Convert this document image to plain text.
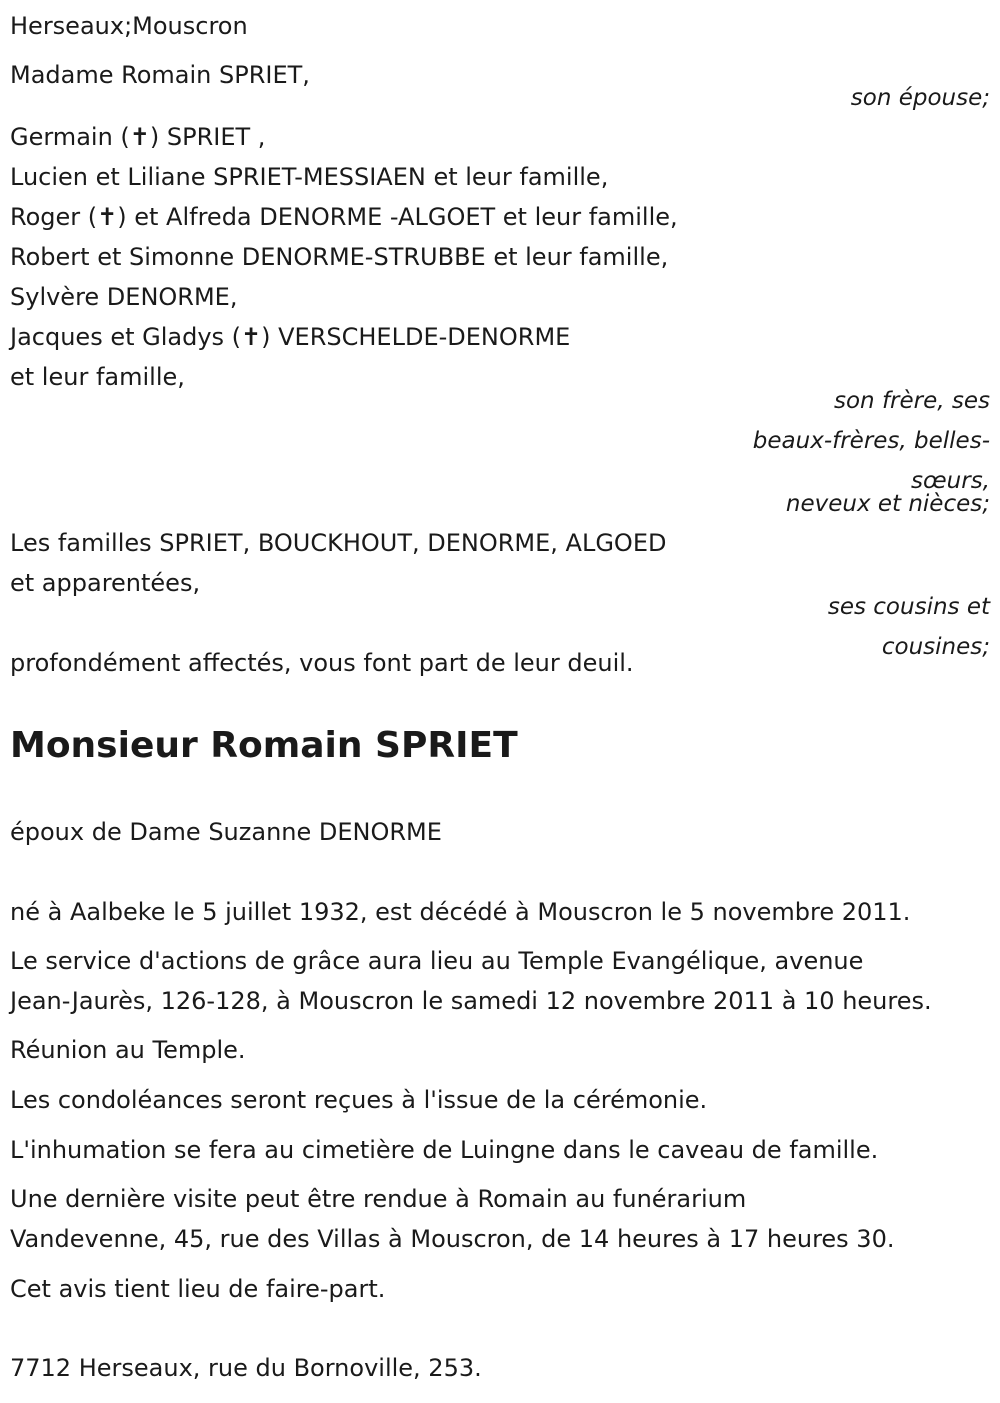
Herseaux;Mouscron
Madame Romain SPRIET,
son épouse;
Germain (✝) SPRIET ,
Lucien et Liliane SPRIET-MESSIAEN et leur famille,
Roger (✝) et Alfreda DENORME -ALGOET et leur famille,
Robert et Simonne DENORME-STRUBBE et leur famille,
Sylvère DENORME,
Jacques et Gladys (✝) VERSCHELDE-DENORME
et leur famille,
son frère, ses
beaux-frères, belles-
sœurs,
neveux et nièces;
Les familles SPRIET, BOUCKHOUT, DENORME, ALGOED
et apparentées,
ses cousins et
cousines;
profondément affectés, vous font part de leur deuil.
Monsieur Romain SPRIET
époux de Dame Suzanne DENORME
né à Aalbeke le 5 juillet 1932, est décédé à Mouscron le 5 novembre 2011.
Le service d'actions de grâce aura lieu au Temple Evangélique, avenue
Jean-Jaurès, 126-128, à Mouscron le samedi 12 novembre 2011 à 10 heures.
Réunion au Temple.
Les condoléances seront reçues à l'issue de la cérémonie.
L'inhumation se fera au cimetière de Luingne dans le caveau de famille.
Une dernière visite peut être rendue à Romain au funérarium
Vandevenne, 45, rue des Villas à Mouscron, de 14 heures à 17 heures 30.
Cet avis tient lieu de faire-part.
7712 Herseaux, rue du Bornoville, 253.
